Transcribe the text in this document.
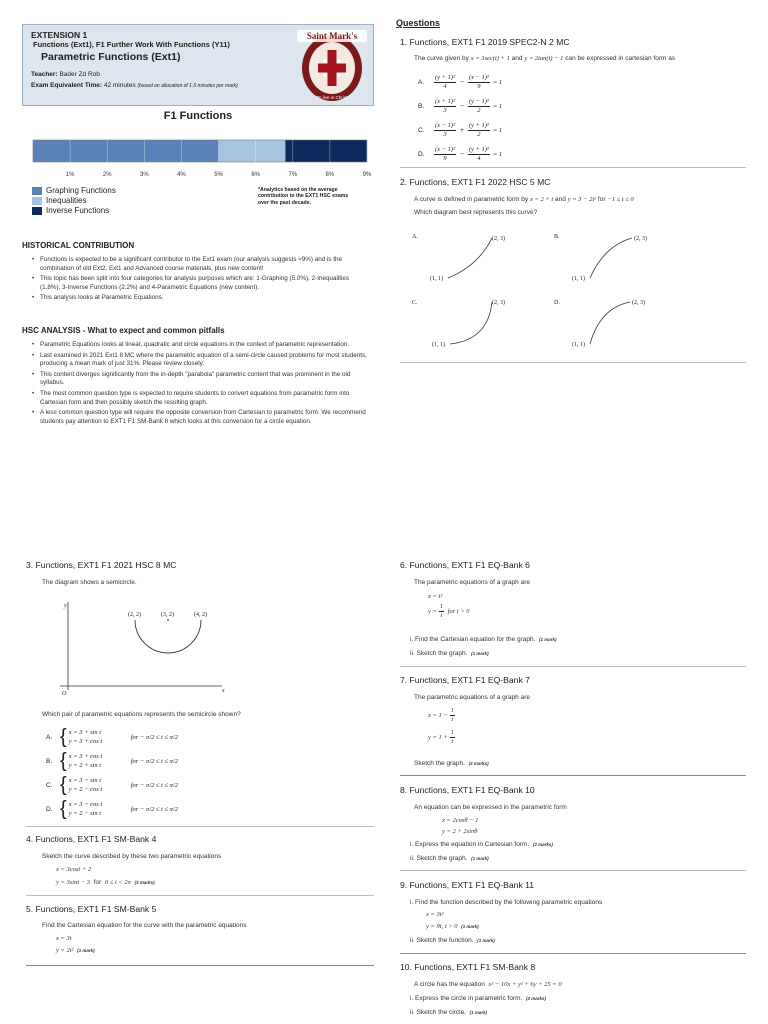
EXTENSION 1
Functions (Ext1), F1 Further Work With Functions (Y11)
Parametric Functions (Ext1)
Teacher: Bader Zd Rob
Exam Equivalent Time: 42 minutes (based on allocation of 1.5 minutes per mark)
Saint Mark's
To live in Christ
F1 Functions
1%	2%	3%	4%	5%	6%	7%	8%	9%
Graphing Functions
Inequalities
Inverse Functions
*Analytics based on the average contribution to the EXT1 HSC exams over the past decade.
HISTORICAL CONTRIBUTION
• Functions is expected to be a significant contributor to the Ext1 exam (our analysis suggests ≈9%) and is the combination of old Ext2, Ext1 and Advanced course materials, plus new content!
• This topic has been split into four categories for analysis purposes which are: 1-Graphing (5.0%), 2-Inequalities (1.8%), 3-Inverse Functions (2.2%) and 4-Parametric Equations (new content).
• This analysis looks at Parametric Equations.
HSC ANALYSIS - What to expect and common pitfalls
• Parametric Equations looks at linear, quadratic and circle equations in the context of parametric representation.
• Last examined in 2021 Ext1 8 MC where the parametric equation of a semi-circle caused problems for most students, producing a mean mark of just 31%. Please review closely.
• This content diverges significantly from the in-depth "parabola" parametric content that was prominent in the old syllabus.
• The most common question type is expected to require students to convert equations from parametric form into Cartesian form and then possibly sketch the resulting graph.
• A less common question type will require the opposite conversion from Cartesian to parametric form. We recommend students pay attention to EXT1 F1 SM-Bank 8 which looks at this conversion for a circle equation.
Questions
1. Functions, EXT1 F1 2019 SPEC2-N 2 MC
The curve given by x = 3sec(t) + 1 and y = 2tan(t) − 1 can be expressed in cartesian form as
A.	$\frac{\text{(y + 1)²}}{4} - \frac{\text{(x − 1)²}}{9} = 1$
B.	$\frac{\text{(x + 1)²}}{3} - \frac{\text{(y − 1)²}}{2} = 1$
C.	$\frac{\text{(x − 1)²}}{3} + \frac{\text{(y + 1)²}}{2} = 1$
D.	$\frac{\text{(x − 1)²}}{9} - \frac{\text{(y + 1)²}}{4} = 1$
2. Functions, EXT1 F1 2022 HSC 5 MC
A curve is defined in parametric form by x = 2 + t and y = 3 − 2t² for −1 ≤ t ≤ 0
Which diagram best represents this curve?
A.	(2, 3)
(1, 1)
B.	(2, 3)
(1, 1)
C.	(2, 3)
(1, 1)
D.	(2, 3)
(1, 1)
3. Functions, EXT1 F1 2021 HSC 8 MC
The diagram shows a semicircle.
y
x
O
(2, 2)	(3, 2)	(4, 2)
Which pair of parametric equations represents the semicircle shown?
A. { x = 3 + sin t
y = 3 + cos t
for − π/2 ≤ t ≤ π/2
B. { x = 3 + cos t
y = 2 + sin t
for − π/2 ≤ t ≤ π/2
C. { x = 3 − sin t
y = 2 − cos t
for − π/2 ≤ t ≤ π/2
D. { x = 3 − cos t
y = 2 − sin t
for − π/2 ≤ t ≤ π/2
4. Functions, EXT1 F1 SM-Bank 4
Sketch the curve described by these two parametric equations
x = 3cost + 2
y = 3sint − 3 for 0 ≤ t < 2π (3 marks)
5. Functions, EXT1 F1 SM-Bank 5
Find the Cartesian equation for the curve with the parametric equations
x = 3t
y = 2t² (1 mark)
6. Functions, EXT1 F1 EQ-Bank 6
The parametric equations of a graph are
x = t²
y =
$\frac{1}{t}$
for t > 0
i. Find the Cartesian equation for the graph. (1 mark)
ii. Sketch the graph. (1 mark)
7. Functions, EXT1 F1 EQ-Bank 7
The parametric equations of a graph are
x = 1 −
$\frac{1}{t}$
y = 1 +
$\frac{1}{t}$
Sketch the graph. (2 marks)
8. Functions, EXT1 F1 EQ-Bank 10
An equation can be expressed in the parametric form
x = 2cosθ − 1
y = 2 + 2sinθ
i. Express the equation in Cartesian form. (2 marks)
ii. Sketch the graph. (1 mark)
9. Functions, EXT1 F1 EQ-Bank 11
i. Find the function described by the following parametric equations
x = 3t²
y = 9t, t > 0 (1 mark)
ii. Sketch the function. (1 mark)
10. Functions, EXT1 F1 SM-Bank 8
A circle has the equation x² − 10x + y² + 6y + 25 = 0
i. Express the circle in parametric form. (2 marks)
ii. Sketch the circle. (1 mark)
